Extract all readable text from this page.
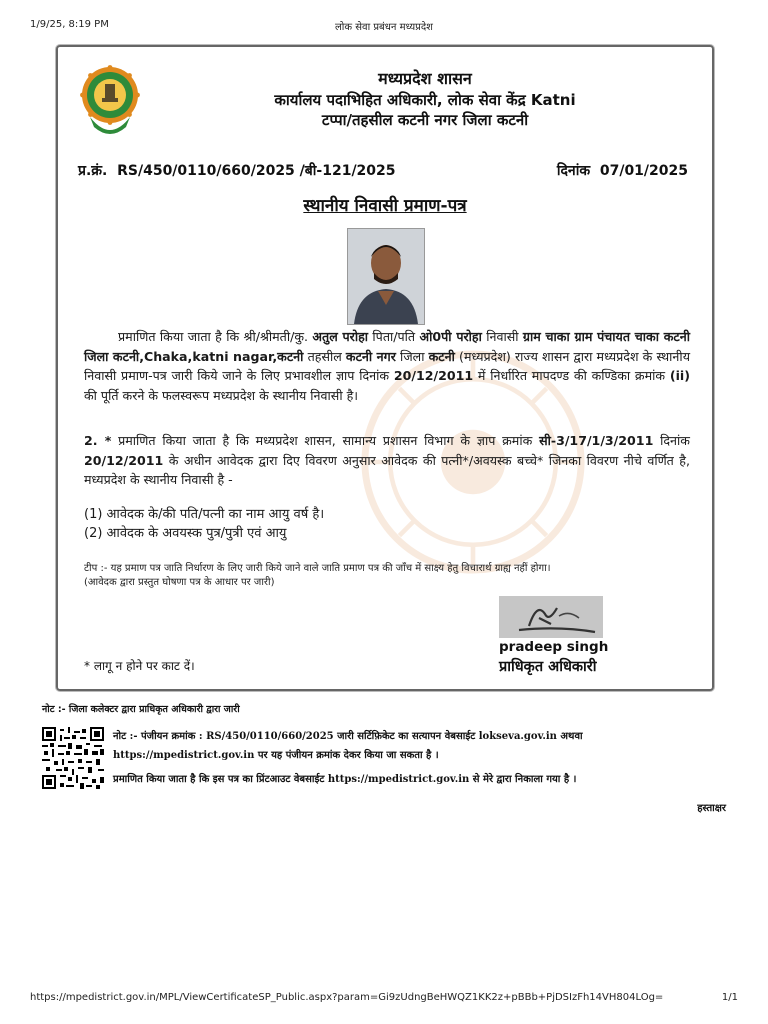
1/9/25, 8:19 PM	लोक सेवा प्रबंधन मध्यप्रदेश
मध्यप्रदेश शासन
कार्यालय पदाभिहित अधिकारी, लोक सेवा केंद्र Katni
टप्पा/तहसील कटनी नगर जिला कटनी
प्र.क्रं. RS/450/0110/660/2025 /बी-121/2025	दिनांक 07/01/2025
स्थानीय निवासी प्रमाण-पत्र
प्रमाणित किया जाता है कि श्री/श्रीमती/कु. अतुल परोहा पिता/पति ओ0पी परोहा निवासी ग्राम चाका ग्राम पंचायत चाका कटनी जिला कटनी,Chaka,katni nagar,कटनी तहसील कटनी नगर जिला कटनी (मध्यप्रदेश) राज्य शासन द्वारा मध्यप्रदेश के स्थानीय निवासी प्रमाण-पत्र जारी किये जाने के लिए प्रभावशील ज्ञाप दिनांक 20/12/2011 में निर्धारित मापदण्ड की कण्डिका क्रमांक (ii) की पूर्ति करने के फलस्वरूप मध्यप्रदेश के स्थानीय निवासी है।
2. * प्रमाणित किया जाता है कि मध्यप्रदेश शासन, सामान्य प्रशासन विभाग के ज्ञाप क्रमांक सी-3/17/1/3/2011 दिनांक 20/12/2011 के अधीन आवेदक द्वारा दिए विवरण अनुसार आवेदक की पत्नी*/अवयस्क बच्चे* जिनका विवरण नीचे वर्णित है, मध्यप्रदेश के स्थानीय निवासी है -
(1) आवेदक के/की पति/पत्नी का नाम आयु वर्ष है।
(2) आवेदक के अवयस्क पुत्र/पुत्री एवं आयु
टीप :- यह प्रमाण पत्र जाति निर्धारण के लिए जारी किये जाने वाले जाति प्रमाण पत्र की जाँच में साक्ष्य हेतु विचारार्थ ग्राह्य नहीं होगा।
(आवेदक द्वारा प्रस्तुत घोषणा पत्र के आधार पर जारी)
pradeep singh
प्राधिकृत अधिकारी
* लागू न होने पर काट दें।
नोट :- जिला कलेक्टर द्वारा प्राधिकृत अधिकारी द्वारा जारी
नोट :- पंजीयन क्रमांक : RS/450/0110/660/2025 जारी सर्टिफ़िकेट का सत्यापन वेबसाईट lokseva.gov.in अथवा
https://mpedistrict.gov.in पर यह पंजीयन क्रमांक देकर किया जा सकता है ।
प्रमाणित किया जाता है कि इस पत्र का प्रिंटआउट वेबसाईट https://mpedistrict.gov.in से मेरे द्वारा निकाला गया है ।
हस्ताक्षर
https://mpedistrict.gov.in/MPL/ViewCertificateSP_Public.aspx?param=Gi9zUdngBeHWQZ1KK2z+pBBb+PjDSIzFh14VH804LOg=	1/1
